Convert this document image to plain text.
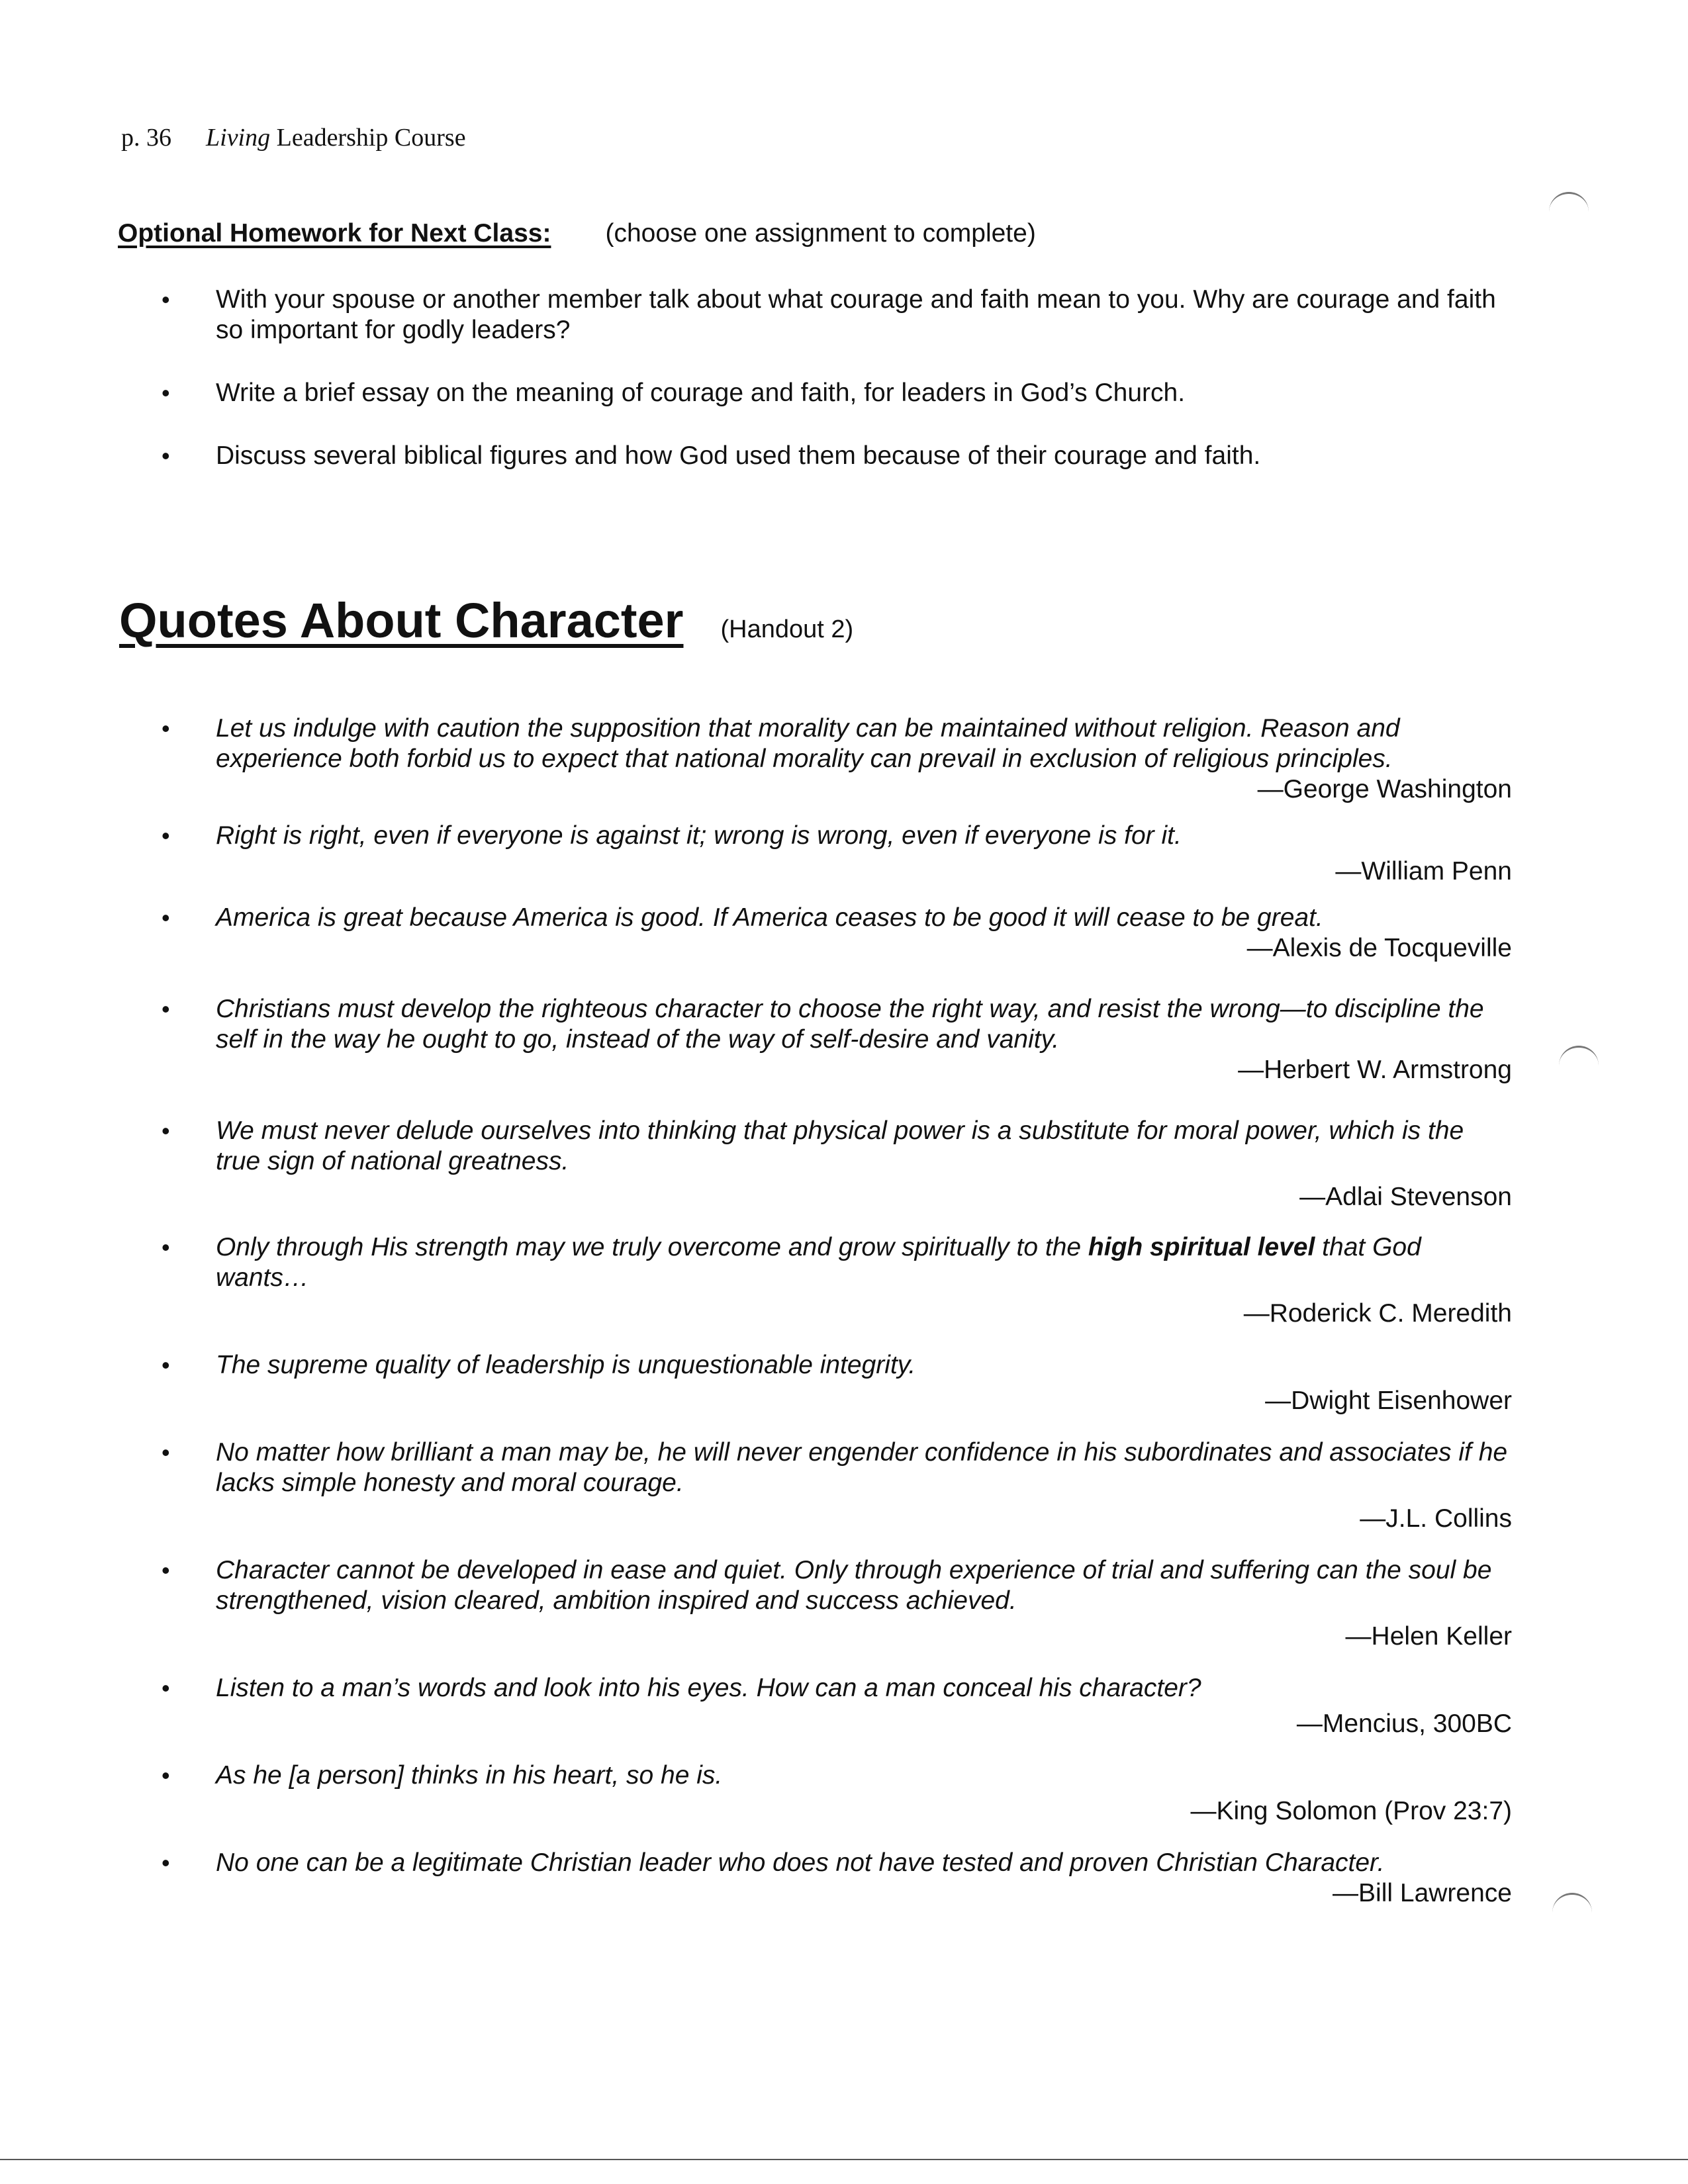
p. 36 Living Leadership Course
Optional Homework for Next Class: (choose one assignment to complete)
• With your spouse or another member talk about what courage and faith mean to you. Why are courage and faith so important for godly leaders?
• Write a brief essay on the meaning of courage and faith, for leaders in God’s Church.
• Discuss several biblical figures and how God used them because of their courage and faith.
Quotes About Character (Handout 2)
• Let us indulge with caution the supposition that morality can be maintained without religion. Reason and experience both forbid us to expect that national morality can prevail in exclusion of religious principles.
—George Washington
• Right is right, even if everyone is against it; wrong is wrong, even if everyone is for it.
—William Penn
• America is great because America is good. If America ceases to be good it will cease to be great.
—Alexis de Tocqueville
• Christians must develop the righteous character to choose the right way, and resist the wrong—to discipline the self in the way he ought to go, instead of the way of self-desire and vanity.
—Herbert W. Armstrong
• We must never delude ourselves into thinking that physical power is a substitute for moral power, which is the true sign of national greatness.
—Adlai Stevenson
• Only through His strength may we truly overcome and grow spiritually to the high spiritual level that God wants…
—Roderick C. Meredith
• The supreme quality of leadership is unquestionable integrity.
—Dwight Eisenhower
• No matter how brilliant a man may be, he will never engender confidence in his subordinates and associates if he lacks simple honesty and moral courage.
—J.L. Collins
• Character cannot be developed in ease and quiet. Only through experience of trial and suffering can the soul be strengthened, vision cleared, ambition inspired and success achieved.
—Helen Keller
• Listen to a man’s words and look into his eyes. How can a man conceal his character?
—Mencius, 300BC
• As he [a person] thinks in his heart, so he is.
—King Solomon (Prov 23:7)
• No one can be a legitimate Christian leader who does not have tested and proven Christian Character.
—Bill Lawrence
